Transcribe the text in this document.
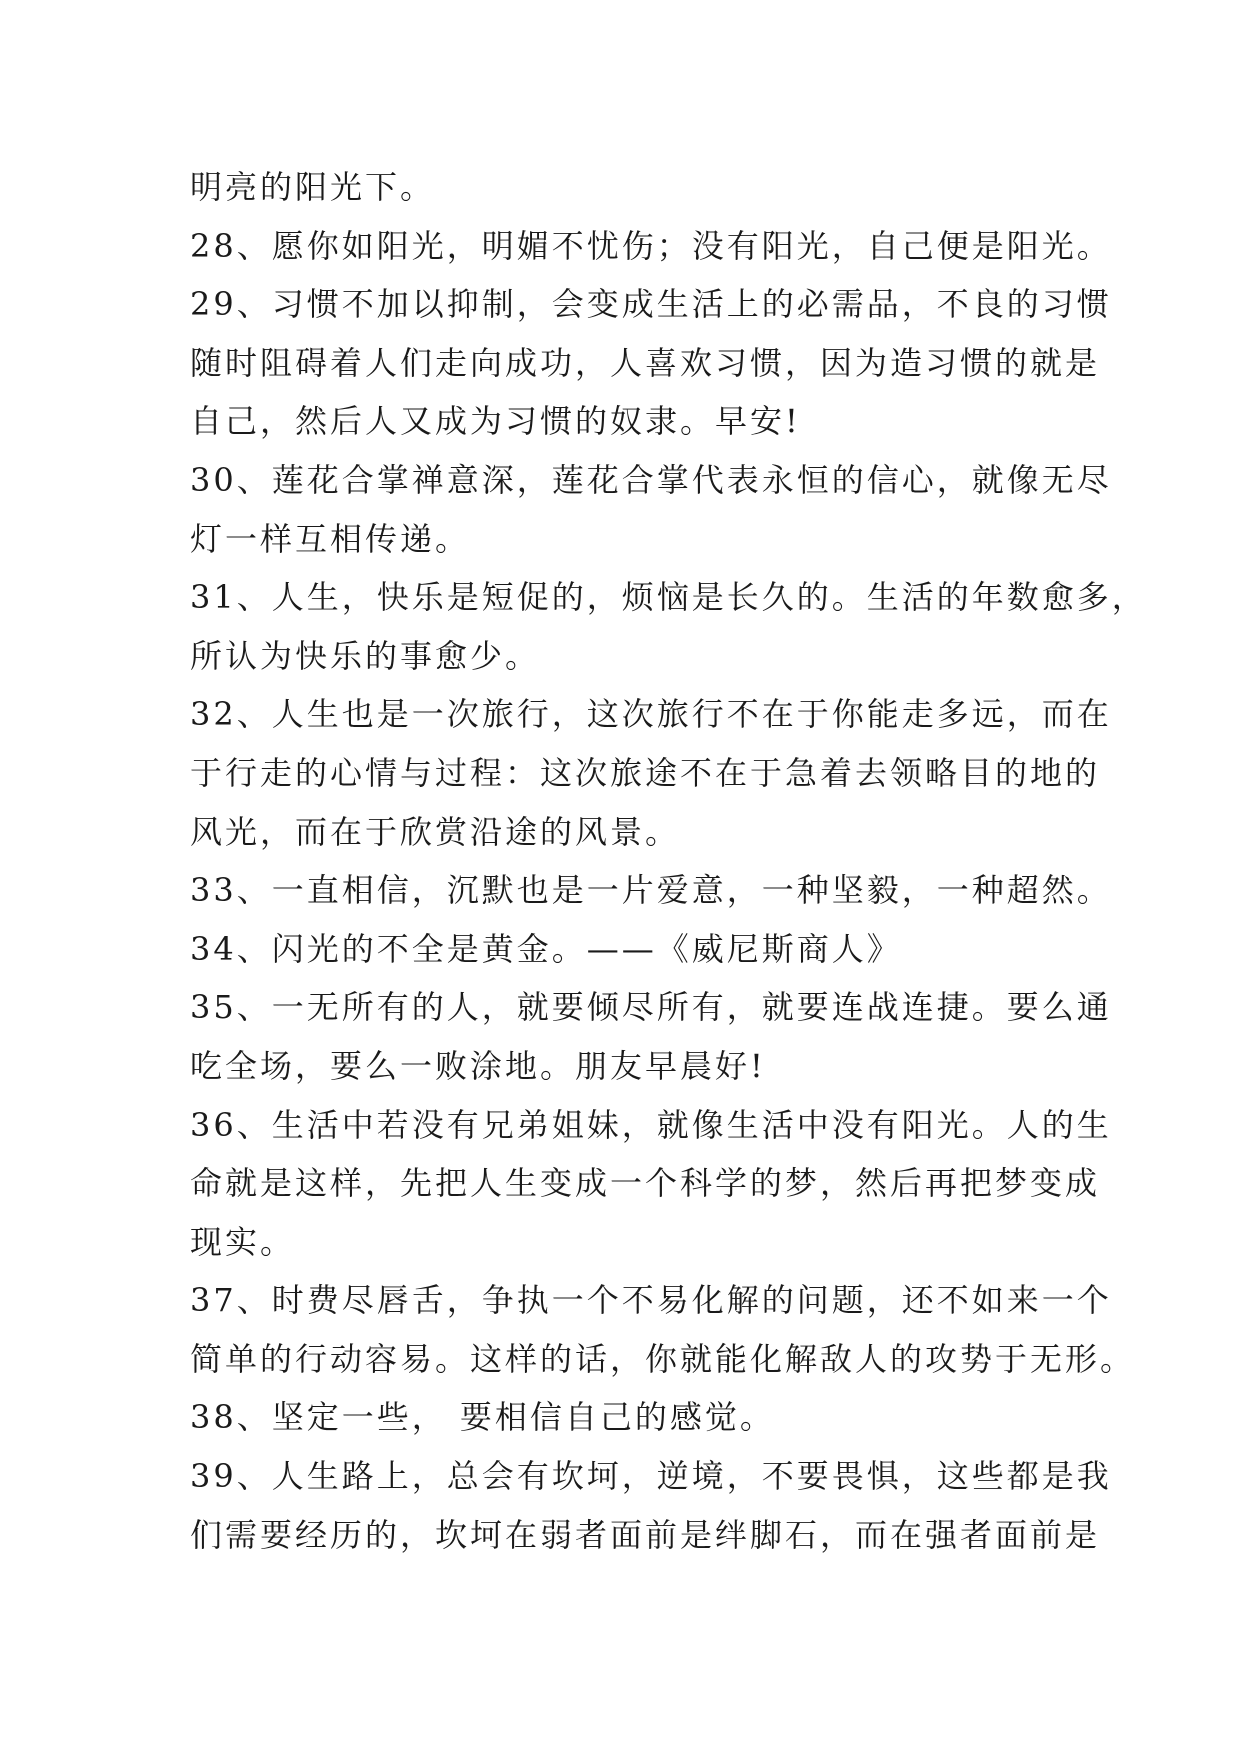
明亮的阳光下。
28、愿你如阳光，明媚不忧伤；没有阳光，自己便是阳光。
29、习惯不加以抑制，会变成生活上的必需品，不良的习惯
随时阻碍着人们走向成功，人喜欢习惯，因为造习惯的就是
自己，然后人又成为习惯的奴隶。早安!
30、莲花合掌禅意深，莲花合掌代表永恒的信心，就像无尽
灯一样互相传递。
31、人生，快乐是短促的，烦恼是长久的。生活的年数愈多，
所认为快乐的事愈少。
32、人生也是一次旅行，这次旅行不在于你能走多远，而在
于行走的心情与过程：这次旅途不在于急着去领略目的地的
风光，而在于欣赏沿途的风景。
33、一直相信，沉默也是一片爱意，一种坚毅，一种超然。
34、闪光的不全是黄金。——《威尼斯商人》
35、一无所有的人，就要倾尽所有，就要连战连捷。要么通
吃全场，要么一败涂地。朋友早晨好!
36、生活中若没有兄弟姐妹，就像生活中没有阳光。人的生
命就是这样，先把人生变成一个科学的梦，然后再把梦变成
现实。
37、时费尽唇舌，争执一个不易化解的问题，还不如来一个
简单的行动容易。这样的话，你就能化解敌人的攻势于无形。
38、坚定一些， 要相信自己的感觉。
39、人生路上，总会有坎坷，逆境，不要畏惧，这些都是我
们需要经历的，坎坷在弱者面前是绊脚石，而在强者面前是
